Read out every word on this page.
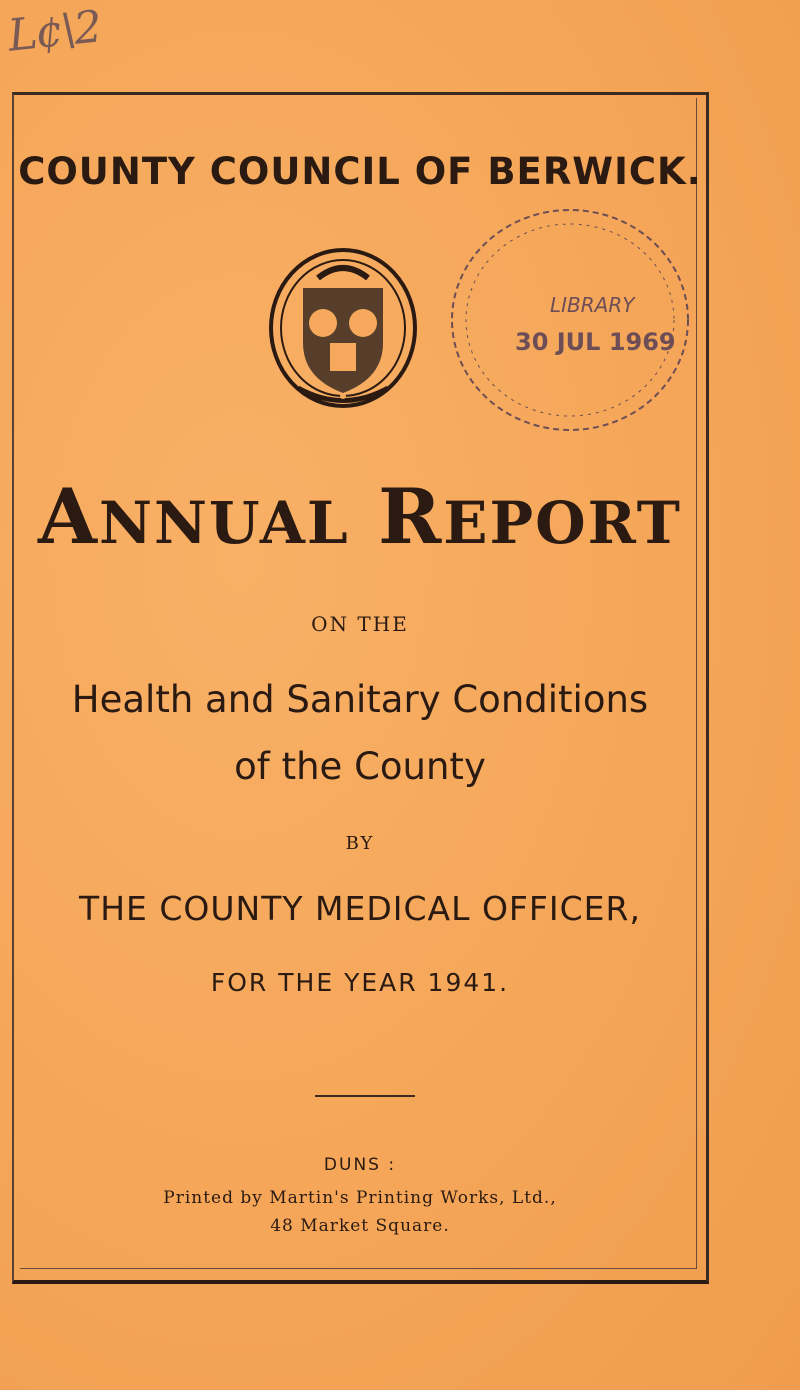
L¢\2
COUNTY COUNCIL OF BERWICK.
LIBRARY
30 JUL 1969
ANNUAL REPORT
ON THE
Health and Sanitary Conditions
of the County
BY
THE COUNTY MEDICAL OFFICER,
FOR THE YEAR 1941.
DUNS :
Printed by Martin's Printing Works, Ltd.,
48 Market Square.
